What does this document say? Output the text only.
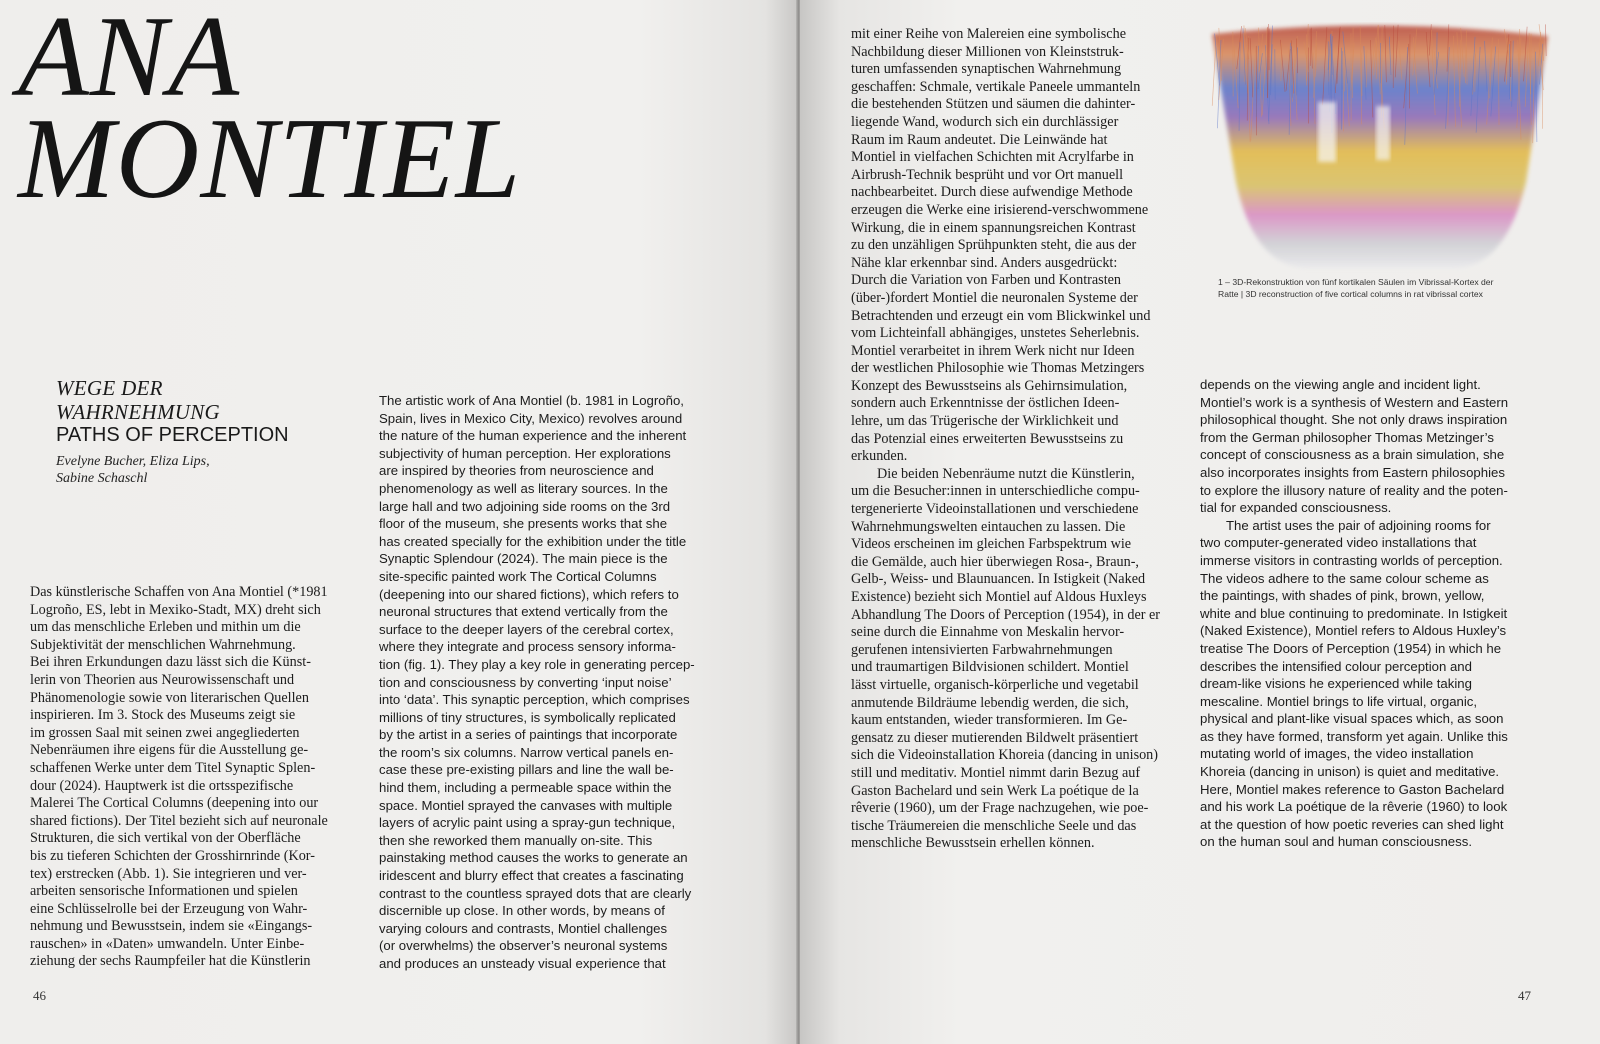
ANA
MONTIEL
WEGE DER
WAHRNEHMUNG
PATHS OF PERCEPTION
Evelyne Bucher, Eliza Lips,
Sabine Schaschl
Das künstlerische Schaffen von Ana Montiel (*1981
Logroño, ES, lebt in Mexiko-Stadt, MX) dreht sich
um das menschliche Erleben und mithin um die
Subjektivität der menschlichen Wahrnehmung.
Bei ihren Erkundungen dazu lässt sich die Künst-
lerin von Theorien aus Neurowissenschaft und
Phänomenologie sowie von literarischen Quellen
inspirieren. Im 3. Stock des Museums zeigt sie
im grossen Saal mit seinen zwei angegliederten
Nebenräumen ihre eigens für die Ausstellung ge-
schaffenen Werke unter dem Titel Synaptic Splen-
dour (2024). Hauptwerk ist die ortsspezifische
Malerei The Cortical Columns (deepening into our
shared fictions). Der Titel bezieht sich auf neuronale
Strukturen, die sich vertikal von der Oberfläche
bis zu tieferen Schichten der Grosshirnrinde (Kor-
tex) erstrecken (Abb. 1). Sie integrieren und ver-
arbeiten sensorische Informationen und spielen
eine Schlüsselrolle bei der Erzeugung von Wahr-
nehmung und Bewusstsein, indem sie «Eingangs-
rauschen» in «Daten» umwandeln. Unter Einbe-
ziehung der sechs Raumpfeiler hat die Künstlerin
The artistic work of Ana Montiel (b. 1981 in Logroño,
Spain, lives in Mexico City, Mexico) revolves around
the nature of the human experience and the inherent
subjectivity of human perception. Her explorations
are inspired by theories from neuroscience and
phenomenology as well as literary sources. In the
large hall and two adjoining side rooms on the 3rd
floor of the museum, she presents works that she
has created specially for the exhibition under the title
Synaptic Splendour (2024). The main piece is the
site-specific painted work The Cortical Columns
(deepening into our shared fictions), which refers to
neuronal structures that extend vertically from the
surface to the deeper layers of the cerebral cortex,
where they integrate and process sensory informa-
tion (fig. 1). They play a key role in generating percep-
tion and consciousness by converting ‘input noise’
into ‘data’. This synaptic perception, which comprises
millions of tiny structures, is symbolically replicated
by the artist in a series of paintings that incorporate
the room’s six columns. Narrow vertical panels en-
case these pre-existing pillars and line the wall be-
hind them, including a permeable space within the
space. Montiel sprayed the canvases with multiple
layers of acrylic paint using a spray-gun technique,
then she reworked them manually on-site. This
painstaking method causes the works to generate an
iridescent and blurry effect that creates a fascinating
contrast to the countless sprayed dots that are clearly
discernible up close. In other words, by means of
varying colours and contrasts, Montiel challenges
(or overwhelms) the observer’s neuronal systems
and produces an unsteady visual experience that
46
mit einer Reihe von Malereien eine symbolische
Nachbildung dieser Millionen von Kleinststruk-
turen umfassenden synaptischen Wahrnehmung
geschaffen: Schmale, vertikale Paneele ummanteln
die bestehenden Stützen und säumen die dahinter-
liegende Wand, wodurch sich ein durchlässiger
Raum im Raum andeutet. Die Leinwände hat
Montiel in vielfachen Schichten mit Acrylfarbe in
Airbrush-Technik besprüht und vor Ort manuell
nachbearbeitet. Durch diese aufwendige Methode
erzeugen die Werke eine irisierend-verschwommene
Wirkung, die in einem spannungsreichen Kontrast
zu den unzähligen Sprühpunkten steht, die aus der
Nähe klar erkennbar sind. Anders ausgedrückt:
Durch die Variation von Farben und Kontrasten
(über-)fordert Montiel die neuronalen Systeme der
Betrachtenden und erzeugt ein vom Blickwinkel und
vom Lichteinfall abhängiges, unstetes Seherlebnis.
Montiel verarbeitet in ihrem Werk nicht nur Ideen
der westlichen Philosophie wie Thomas Metzingers
Konzept des Bewusstseins als Gehirnsimulation,
sondern auch Erkenntnisse der östlichen Ideen-
lehre, um das Trügerische der Wirklichkeit und
das Potenzial eines erweiterten Bewusstseins zu
erkunden.
Die beiden Nebenräume nutzt die Künstlerin,
um die Besucher:innen in unterschiedliche compu-
tergenerierte Videoinstallationen und verschiedene
Wahrnehmungswelten eintauchen zu lassen. Die
Videos erscheinen im gleichen Farbspektrum wie
die Gemälde, auch hier überwiegen Rosa-, Braun-,
Gelb-, Weiss- und Blaunuancen. In Istigkeit (Naked
Existence) bezieht sich Montiel auf Aldous Huxleys
Abhandlung The Doors of Perception (1954), in der er
seine durch die Einnahme von Meskalin hervor-
gerufenen intensivierten Farbwahrnehmungen
und traumartigen Bildvisionen schildert. Montiel
lässt virtuelle, organisch-körperliche und vegetabil
anmutende Bildräume lebendig werden, die sich,
kaum entstanden, wieder transformieren. Im Ge-
gensatz zu dieser mutierenden Bildwelt präsentiert
sich die Videoinstallation Khoreia (dancing in unison)
still und meditativ. Montiel nimmt darin Bezug auf
Gaston Bachelard und sein Werk La poétique de la
rêverie (1960), um der Frage nachzugehen, wie poe-
tische Träumereien die menschliche Seele und das
menschliche Bewusstsein erhellen können.
depends on the viewing angle and incident light.
Montiel’s work is a synthesis of Western and Eastern
philosophical thought. She not only draws inspiration
from the German philosopher Thomas Metzinger’s
concept of consciousness as a brain simulation, she
also incorporates insights from Eastern philosophies
to explore the illusory nature of reality and the poten-
tial for expanded consciousness.
The artist uses the pair of adjoining rooms for
two computer-generated video installations that
immerse visitors in contrasting worlds of perception.
The videos adhere to the same colour scheme as
the paintings, with shades of pink, brown, yellow,
white and blue continuing to predominate. In Istigkeit
(Naked Existence), Montiel refers to Aldous Huxley’s
treatise The Doors of Perception (1954) in which he
describes the intensified colour perception and
dream-like visions he experienced while taking
mescaline. Montiel brings to life virtual, organic,
physical and plant-like visual spaces which, as soon
as they have formed, transform yet again. Unlike this
mutating world of images, the video installation
Khoreia (dancing in unison) is quiet and meditative.
Here, Montiel makes reference to Gaston Bachelard
and his work La poétique de la rêverie (1960) to look
at the question of how poetic reveries can shed light
on the human soul and human consciousness.
47
1 – 3D-Rekonstruktion von fünf kortikalen Säulen im Vibrissal-Kortex der
Ratte | 3D reconstruction of five cortical columns in rat vibrissal cortex
